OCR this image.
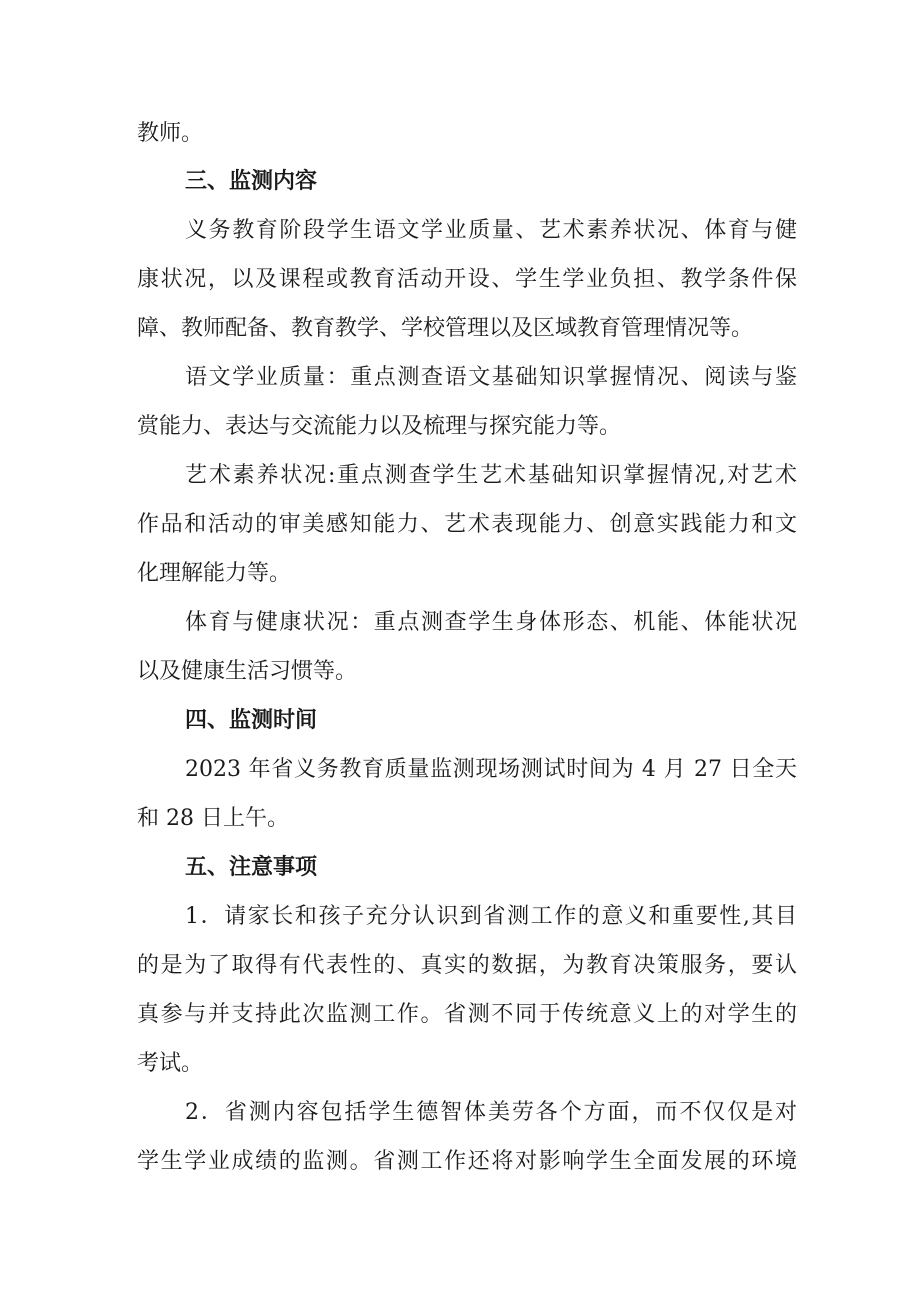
教师。
三、监测内容
义务教育阶段学生语文学业质量、艺术素养状况、体育与健
康状况，以及课程或教育活动开设、学生学业负担、教学条件保
障、教师配备、教育教学、学校管理以及区域教育管理情况等。
语文学业质量：重点测查语文基础知识掌握情况、阅读与鉴
赏能力、表达与交流能力以及梳理与探究能力等。
艺术素养状况:重点测查学生艺术基础知识掌握情况,对艺术
作品和活动的审美感知能力、艺术表现能力、创意实践能力和文
化理解能力等。
体育与健康状况：重点测查学生身体形态、机能、体能状况
以及健康生活习惯等。
四、监测时间
2023 年省义务教育质量监测现场测试时间为 4 月 27 日全天
和 28 日上午。
五、注意事项
1．请家长和孩子充分认识到省测工作的意义和重要性,其目
的是为了取得有代表性的、真实的数据，为教育决策服务，要认
真参与并支持此次监测工作。省测不同于传统意义上的对学生的
考试。
2．省测内容包括学生德智体美劳各个方面，而不仅仅是对
学生学业成绩的监测。省测工作还将对影响学生全面发展的环境
